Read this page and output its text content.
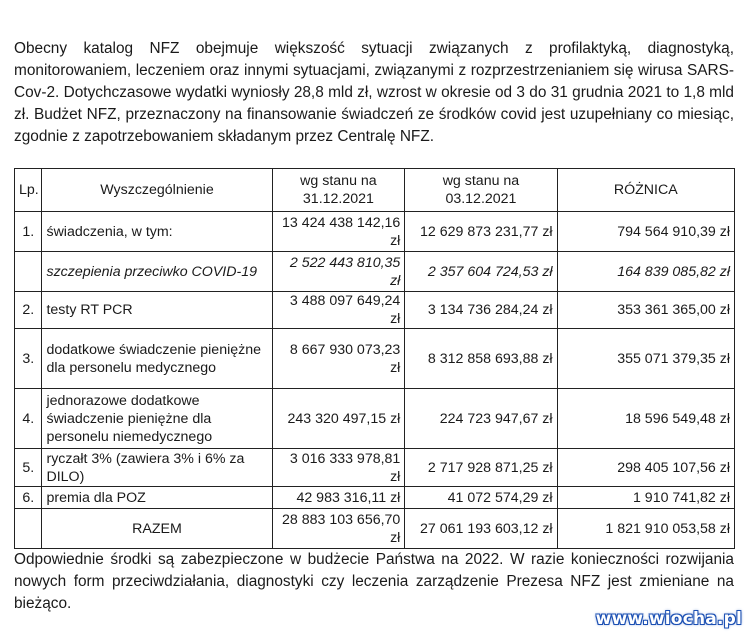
Obecny katalog NFZ obejmuje większość sytuacji związanych z profilaktyką, diagnostyką, monitorowaniem, leczeniem oraz innymi sytuacjami, związanymi z rozprzestrzenianiem się wirusa SARS-Cov-2. Dotychczasowe wydatki wyniosły 28,8 mld zł, wzrost w okresie od 3 do 31 grudnia 2021 to 1,8 mld zł. Budżet NFZ, przeznaczony na finansowanie świadczeń ze środków covid jest uzupełniany co miesiąc, zgodnie z zapotrzebowaniem składanym przez Centralę NFZ.
Lp.	Wyszczególnienie	wg stanu na 31.12.2021	wg stanu na 03.12.2021	RÓŻNICA
1.	świadczenia, w tym:	13 424 438 142,16 zł	12 629 873 231,77 zł	794 564 910,39 zł
	szczepienia przeciwko COVID-19	2 522 443 810,35 zł	2 357 604 724,53 zł	164 839 085,82 zł
2.	testy RT PCR	3 488 097 649,24 zł	3 134 736 284,24 zł	353 361 365,00 zł
3.	dodatkowe świadczenie pieniężne dla personelu medycznego	8 667 930 073,23 zł	8 312 858 693,88 zł	355 071 379,35 zł
4.	jednorazowe dodatkowe świadczenie pieniężne dla personelu niemedycznego	243 320 497,15 zł	224 723 947,67 zł	18 596 549,48 zł
5.	ryczałt 3% (zawiera 3% i 6% za DILO)	3 016 333 978,81 zł	2 717 928 871,25 zł	298 405 107,56 zł
6.	premia dla POZ	42 983 316,11 zł	41 072 574,29 zł	1 910 741,82 zł
	RAZEM	28 883 103 656,70 zł	27 061 193 603,12 zł	1 821 910 053,58 zł
Odpowiednie środki są zabezpieczone w budżecie Państwa na 2022. W razie konieczności rozwijania nowych form przeciwdziałania, diagnostyki czy leczenia zarządzenie Prezesa NFZ jest zmieniane na bieżąco.
www.wiocha.pl
